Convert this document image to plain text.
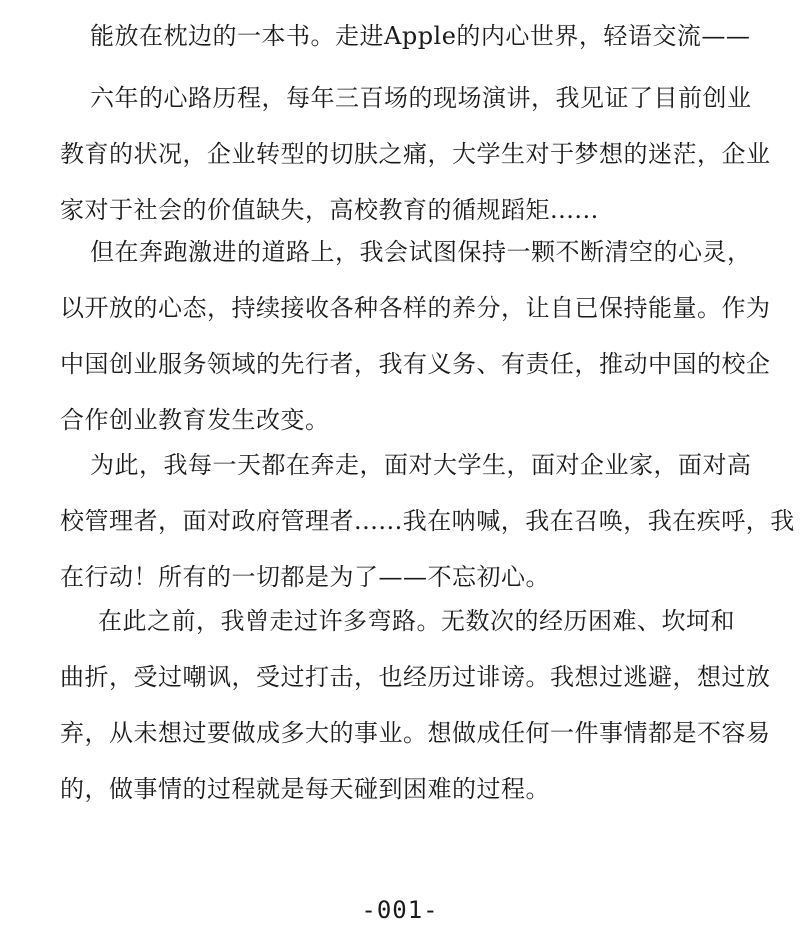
能放在枕边的一本书。走进Apple的内心世界，轻语交流——
六年的心路历程，每年三百场的现场演讲，我见证了目前创业
教育的状况，企业转型的切肤之痛，大学生对于梦想的迷茫，企业
家对于社会的价值缺失，高校教育的循规蹈矩......
但在奔跑激进的道路上，我会试图保持一颗不断清空的心灵，
以开放的心态，持续接收各种各样的养分，让自已保持能量。作为
中国创业服务领域的先行者，我有义务、有责任，推动中国的校企
合作创业教育发生改变。
为此，我每一天都在奔走，面对大学生，面对企业家，面对高
校管理者，面对政府管理者......我在呐喊，我在召唤，我在疾呼，我
在行动！所有的一切都是为了——不忘初心。
在此之前，我曾走过许多弯路。无数次的经历困难、坎坷和
曲折，受过嘲讽，受过打击，也经历过诽谤。我想过逃避，想过放
弃，从未想过要做成多大的事业。想做成任何一件事情都是不容易
的，做事情的过程就是每天碰到困难的过程。
-001-
